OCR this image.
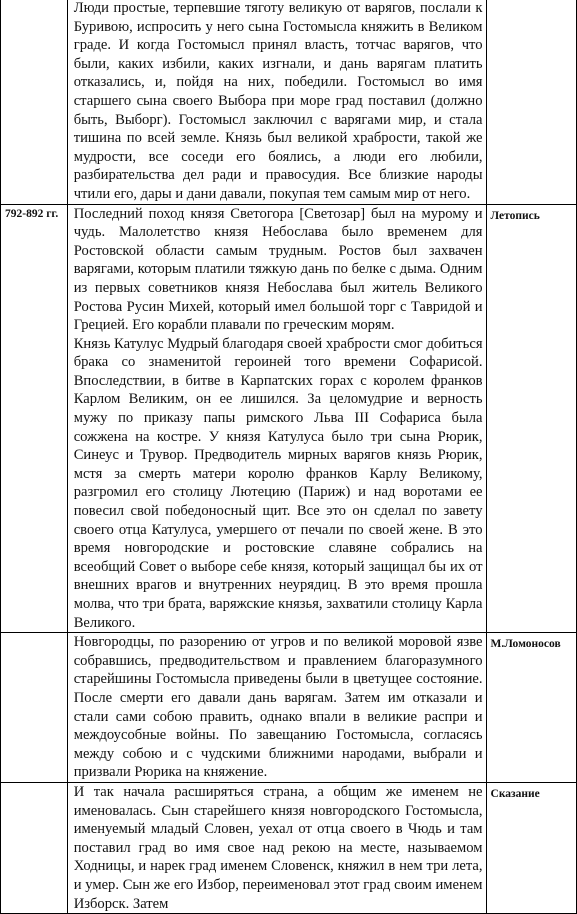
	Люди простые, терпевшие тяготу великую от варягов, послали к Буривою, испросить у него сына Гостомысла княжить в Великом граде. И когда Гостомысл принял власть, тотчас варягов, что были, каких избили, каких изгнали, и дань варягам платить отказались, и, пойдя на них, победили. Гостомысл во имя старшего сына своего Выбора при море град поставил (должно быть, Выборг). Гостомысл заключил с варягами мир, и стала тишина по всей земле. Князь был великой храбрости, такой же мудрости, все соседи его боялись, а люди его любили, разбирательства дел ради и правосудия. Все близкие народы чтили его, дары и дани давали, покупая тем самым мир от него.	

792-892 гг.	Последний поход князя Светогора [Светозар] был на мурому и чудь. Малолетство князя Небослава было временем для Ростовской области самым трудным. Ростов был захвачен варягами, которым платили тяжкую дань по белке с дыма. Одним из первых советников князя Небослава был житель Великого Ростова Русин Михей, который имел большой торг с Тавридой и Грецией. Его корабли плавали по греческим морям.

Князь Катулус Мудрый благодаря своей храбрости смог добиться брака со знаменитой героиней того времени Софарисой. Впоследствии, в битве в Карпатских горах с королем франков Карлом Великим, он ее лишился. За целомудрие и верность мужу по приказу папы римского Льва III Софариса была сожжена на костре. У князя Катулуса было три сына Рюрик, Синеус и Трувор. Предводитель мирных варягов князь Рюрик, мстя за смерть матери королю франков Карлу Великому, разгромил его столицу Лютецию (Париж) и над воротами ее повесил свой победоносный щит. Все это он сделал по завету своего отца Катулуса, умершего от печали по своей жене. В это время новгородские и ростовские славяне собрались на всеобщий Совет о выборе себе князя, который защищал бы их от внешних врагов и внутренних неурядиц. В это время прошла молва, что три брата, варяжские князья, захватили столицу Карла Великого.	Летопись

	Новгородцы, по разорению от угров и по великой моровой язве собравшись, предводительством и правлением благоразумного старейшины Гостомысла приведены были в цветущее состояние. После смерти его давали дань варягам. Затем им отказали и стали сами собою править, однако впали в великие распри и междоусобные войны. По завещанию Гостомысла, согласясь между собою и с чудскими ближними народами, выбрали и призвали Рюрика на княжение.	М.Ломоносов

	И так начала расширяться страна, а общим же именем не именовалась. Сын старейшего князя новгородского Гостомысла, именуемый младый Словен, уехал от отца своего в Чюдь и там поставил град во имя свое над рекою на месте, называемом Ходницы, и нарек град именем Словенск, княжил в нем три лета, и умер. Сын же его Избор, переименовал этот град своим именем Изборск. Затем	Сказание
